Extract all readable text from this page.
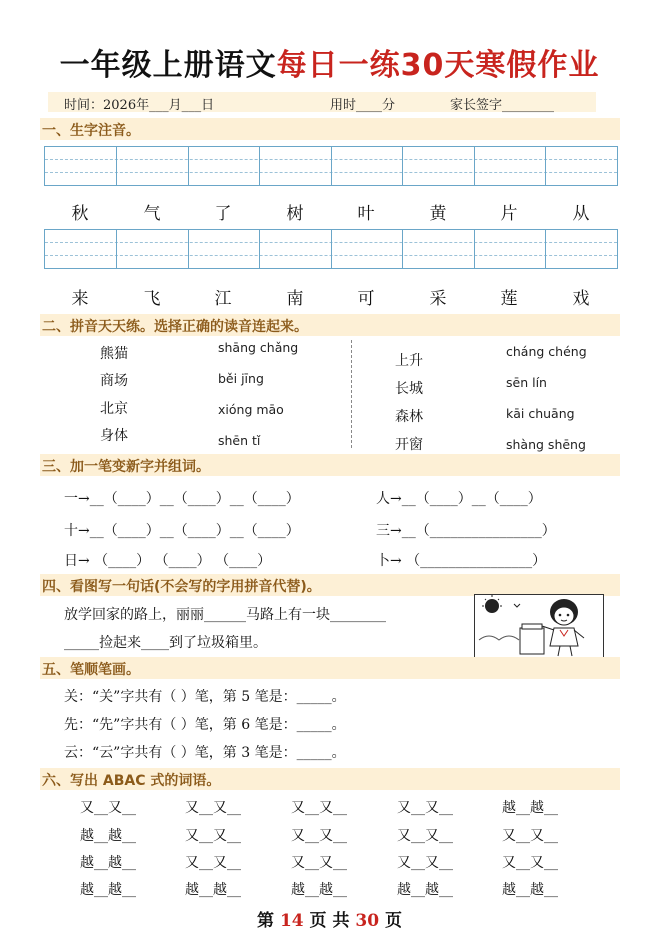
一年级上册语文每日一练30天寒假作业
时间：2026年___月___日	用时____分	家长签字________
一、生字注音。
秋	气	了	树	叶	黄	片	从
来	飞	江	南	可	采	莲	戏
二、拼音天天练。选择正确的读音连起来。
熊猫
商场
北京
身体
shāng chǎng
běi jīng
xióng māo
shēn tǐ
上升
长城
森林
开窗
cháng chéng
sēn lín
kāi chuāng
shàng shēng
三、加一笔变新字并组词。
一→__（____）__（____）__（____）
十→__（____）__（____）__（____）
日→ （____） （____） （____）
人→__（____）__（____）
三→__（________________）
卜→ （________________）
四、看图写一句话(不会写的字用拼音代替)。
放学回家的路上，丽丽______马路上有一块________
_____捡起来____到了垃圾箱里。
五、笔顺笔画。
关：“关”字共有（ ）笔，第 5 笔是：_____。
先：“先”字共有（ ）笔，第 6 笔是：_____。
云：“云”字共有（ ）笔，第 3 笔是：_____。
六、写出 ABAC 式的词语。
又__又__	又__又__	又__又__	又__又__	越__越__
越__越__	又__又__	又__又__	又__又__	又__又__
越__越__	又__又__	又__又__	又__又__	又__又__
越__越__	越__越__	越__越__	越__越__	越__越__
第 14 页 共 30 页
